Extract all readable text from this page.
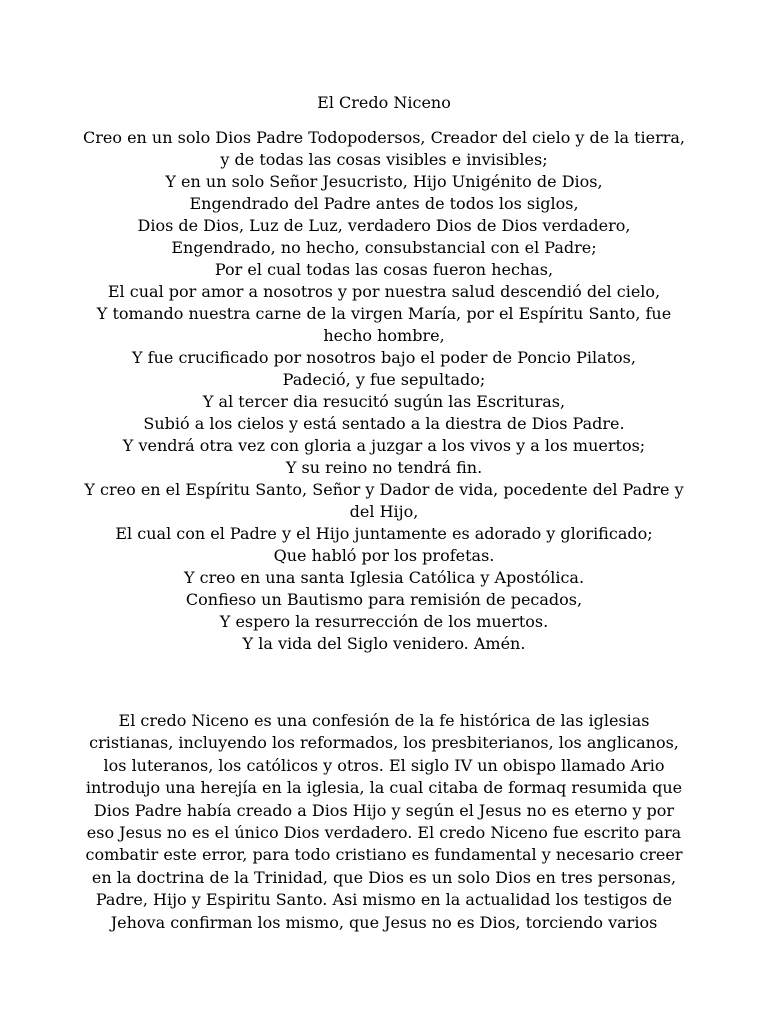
El Credo Niceno
Creo en un solo Dios Padre Todopodersos, Creador del cielo y de la tierra,
y de todas las cosas visibles e invisibles;
Y en un solo Señor Jesucristo, Hijo Unigénito de Dios,
Engendrado del Padre antes de todos los siglos,
Dios de Dios, Luz de Luz, verdadero Dios de Dios verdadero,
Engendrado, no hecho, consubstancial con el Padre;
Por el cual todas las cosas fueron hechas,
El cual por amor a nosotros y por nuestra salud descendió del cielo,
Y tomando nuestra carne de la virgen María, por el Espíritu Santo, fue
hecho hombre,
Y fue crucificado por nosotros bajo el poder de Poncio Pilatos,
Padeció, y fue sepultado;
Y al tercer dia resucitó sugún las Escrituras,
Subió a los cielos y está sentado a la diestra de Dios Padre.
Y vendrá otra vez con gloria a juzgar a los vivos y a los muertos;
Y su reino no tendrá fin.
Y creo en el Espíritu Santo, Señor y Dador de vida, pocedente del Padre y
del Hijo,
El cual con el Padre y el Hijo juntamente es adorado y glorificado;
Que habló por los profetas.
Y creo en una santa Iglesia Católica y Apostólica.
Confieso un Bautismo para remisión de pecados,
Y espero la resurrección de los muertos.
Y la vida del Siglo venidero. Amén.
El credo Niceno es una confesión de la fe histórica de las iglesias
cristianas, incluyendo los reformados, los presbiterianos, los anglicanos,
los luteranos, los católicos y otros. El siglo IV un obispo llamado Ario
introdujo una herejía en la iglesia, la cual citaba de formaq resumida que
Dios Padre había creado a Dios Hijo y según el Jesus no es eterno y por
eso Jesus no es el único Dios verdadero. El credo Niceno fue escrito para
combatir este error, para todo cristiano es fundamental y necesario creer
en la doctrina de la Trinidad, que Dios es un solo Dios en tres personas,
Padre, Hijo y Espiritu Santo. Asi mismo en la actualidad los testigos de
Jehova confirman los mismo, que Jesus no es Dios, torciendo varios
